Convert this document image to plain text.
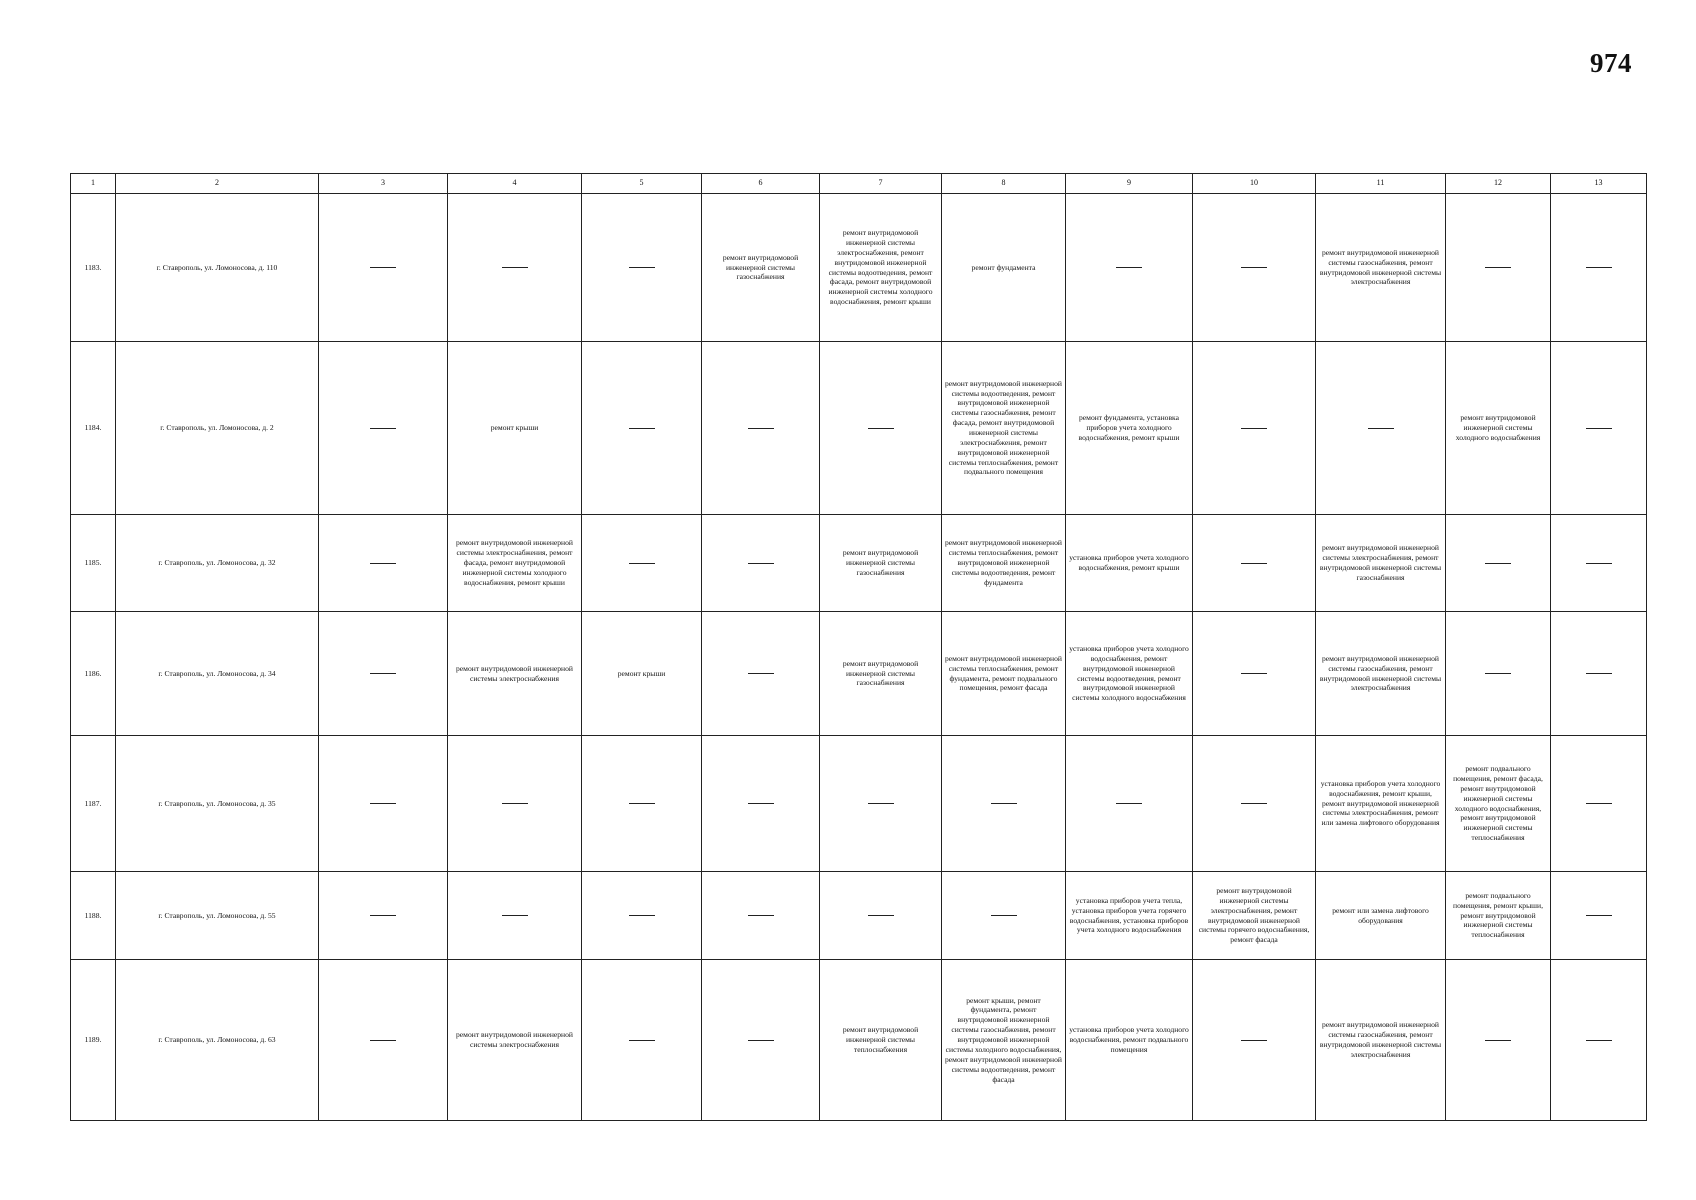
974
1	2	3	4	5	6	7	8	9	10	11	12	13
1183.	г. Ставрополь, ул. Ломоносова, д. 110				ремонт внутридомовой инженерной системы газоснабжения	ремонт внутридомовой инженерной системы электроснабжения, ремонт внутридомовой инженерной системы водоотведения, ремонт фасада, ремонт внутридомовой инженерной системы холодного водоснабжения, ремонт крыши	ремонт фундамента			ремонт внутридомовой инженерной системы газоснабжения, ремонт внутридомовой инженерной системы электроснабжения		
1184.	г. Ставрополь, ул. Ломоносова, д. 2		ремонт крыши				ремонт внутридомовой инженерной системы водоотведения, ремонт внутридомовой инженерной системы газоснабжения, ремонт фасада, ремонт внутридомовой инженерной системы электроснабжения, ремонт внутридомовой инженерной системы теплоснабжения, ремонт подвального помещения	ремонт фундамента, установка приборов учета холодного водоснабжения, ремонт крыши			ремонт внутридомовой инженерной системы холодного водоснабжения	
1185.	г. Ставрополь, ул. Ломоносова, д. 32		ремонт внутридомовой инженерной системы электроснабжения, ремонт фасада, ремонт внутридомовой инженерной системы холодного водоснабжения, ремонт крыши			ремонт внутридомовой инженерной системы газоснабжения	ремонт внутридомовой инженерной системы теплоснабжения, ремонт внутридомовой инженерной системы водоотведения, ремонт фундамента	установка приборов учета холодного водоснабжения, ремонт крыши		ремонт внутридомовой инженерной системы электроснабжения, ремонт внутридомовой инженерной системы газоснабжения		
1186.	г. Ставрополь, ул. Ломоносова, д. 34		ремонт внутридомовой инженерной системы электроснабжения	ремонт крыши		ремонт внутридомовой инженерной системы газоснабжения	ремонт внутридомовой инженерной системы теплоснабжения, ремонт фундамента, ремонт подвального помещения, ремонт фасада	установка приборов учета холодного водоснабжения, ремонт внутридомовой инженерной системы водоотведения, ремонт внутридомовой инженерной системы холодного водоснабжения		ремонт внутридомовой инженерной системы газоснабжения, ремонт внутридомовой инженерной системы электроснабжения		
1187.	г. Ставрополь, ул. Ломоносова, д. 35									установка приборов учета холодного водоснабжения, ремонт крыши, ремонт внутридомовой инженерной системы электроснабжения, ремонт или замена лифтового оборудования	ремонт подвального помещения, ремонт фасада, ремонт внутридомовой инженерной системы холодного водоснабжения, ремонт внутридомовой инженерной системы теплоснабжения	
1188.	г. Ставрополь, ул. Ломоносова, д. 55							установка приборов учета тепла, установка приборов учета горячего водоснабжения, установка приборов учета холодного водоснабжения	ремонт внутридомовой инженерной системы электроснабжения, ремонт внутридомовой инженерной системы горячего водоснабжения, ремонт фасада	ремонт или замена лифтового оборудования	ремонт подвального помещения, ремонт крыши, ремонт внутридомовой инженерной системы теплоснабжения	
1189.	г. Ставрополь, ул. Ломоносова, д. 63		ремонт внутридомовой инженерной системы электроснабжения			ремонт внутридомовой инженерной системы теплоснабжения	ремонт крыши, ремонт фундамента, ремонт внутридомовой инженерной системы газоснабжения, ремонт внутридомовой инженерной системы холодного водоснабжения, ремонт внутридомовой инженерной системы водоотведения, ремонт фасада	установка приборов учета холодного водоснабжения, ремонт подвального помещения		ремонт внутридомовой инженерной системы газоснабжения, ремонт внутридомовой инженерной системы электроснабжения		
